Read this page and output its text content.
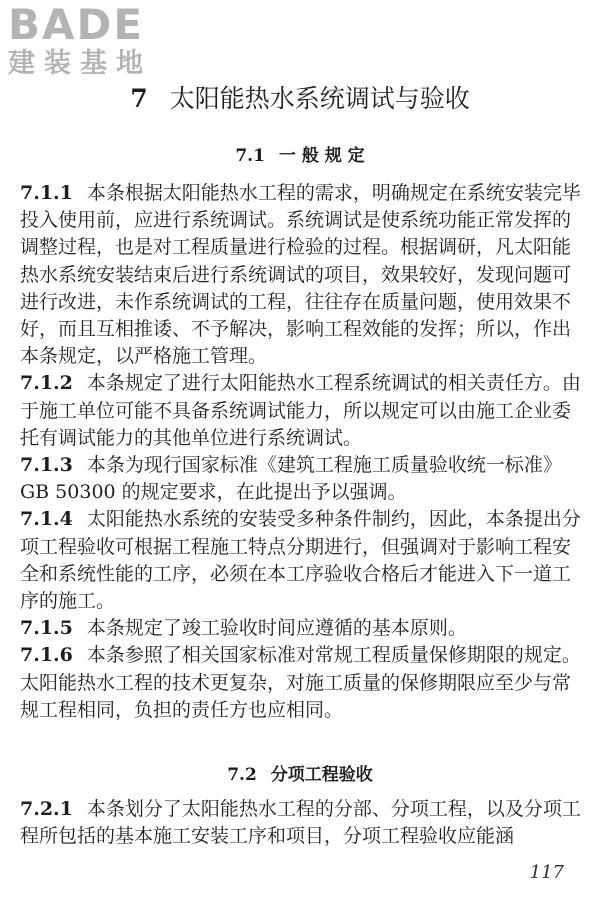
BADE
建装基地
7 太阳能热水系统调试与验收
7.1 一 般 规 定

7.1.1 本条根据太阳能热水工程的需求，明确规定在系统安装完毕投入使用前，应进行系统调试。系统调试是使系统功能正常发挥的调整过程，也是对工程质量进行检验的过程。根据调研，凡太阳能热水系统安装结束后进行系统调试的项目，效果较好，发现问题可进行改进，未作系统调试的工程，往往存在质量问题，使用效果不好，而且互相推诿、不予解决，影响工程效能的发挥；所以，作出本条规定，以严格施工管理。

7.1.2 本条规定了进行太阳能热水工程系统调试的相关责任方。由于施工单位可能不具备系统调试能力，所以规定可以由施工企业委托有调试能力的其他单位进行系统调试。

7.1.3 本条为现行国家标准《建筑工程施工质量验收统一标准》GB 50300 的规定要求，在此提出予以强调。

7.1.4 太阳能热水系统的安装受多种条件制约，因此，本条提出分项工程验收可根据工程施工特点分期进行，但强调对于影响工程安全和系统性能的工序，必须在本工序验收合格后才能进入下一道工序的施工。

7.1.5 本条规定了竣工验收时间应遵循的基本原则。

7.1.6 本条参照了相关国家标准对常规工程质量保修期限的规定。太阳能热水工程的技术更复杂，对施工质量的保修期限应至少与常规工程相同，负担的责任方也应相同。

7.2 分项工程验收

7.2.1 本条划分了太阳能热水工程的分部、分项工程，以及分项工程所包括的基本施工安装工序和项目，分项工程验收应能涵

117
